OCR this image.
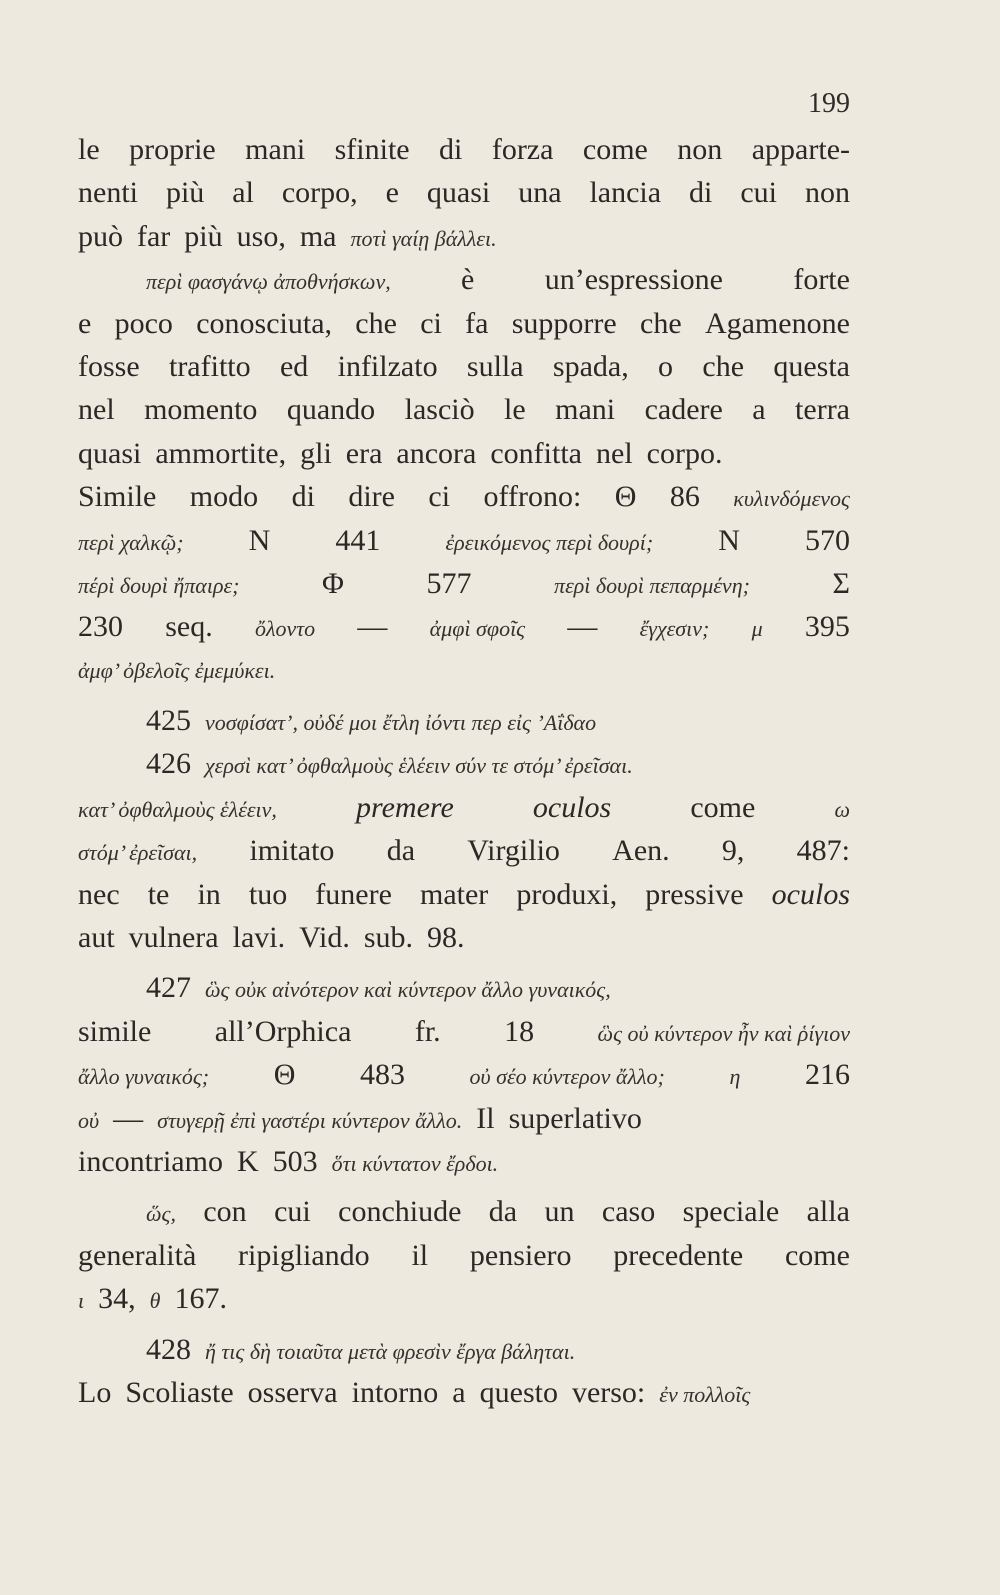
199
le proprie mani sfinite di forza come non apparte-
nenti più al corpo, e quasi una lancia di cui non
può far più uso, ma ποτὶ γαίῃ βάλλει.
περὶ φασγάνῳ ἀποθνήσκων, è un’espressione forte
e poco conosciuta, che ci fa supporre che Agamenone
fosse trafitto ed infilzato sulla spada, o che questa
nel momento quando lasciò le mani cadere a terra
quasi ammortite, gli era ancora confitta nel corpo.
Simile modo di dire ci offrono: Θ 86 κυλινδόμενος
περὶ χαλκῷ; N 441	ἐρεικόμενος περὶ δουρί; N 570
πέρὶ δουρὶ ἤπαιρε;	Φ	577	περὶ δουρὶ πεπαρμένη;	Σ
230 seq. ὄλοντο — ἀμφὶ σφοῖς — ἔγχεσιν; μ 395
ἀμφ’ ὀβελοῖς ἐμεμύκει.
425 νοσφίσατ’, οὐδέ μοι ἔτλη ἰόντι περ εἰς ’Αΐδαο
426 χερσὶ κατ’ ὀφθαλμοὺς ἑλέειν σύν τε στόμ’ ἐρεῖσαι.
κατ’ ὀφθαλμοὺς ἑλέειν,	premere	oculos	come	ω
στόμ’ ἐρεῖσαι, imitato da Virgilio Aen. 9, 487:
nec te in tuo funere mater produxi, pressive oculos
aut vulnera lavi. Vid. sub. 98.
427 ὣς οὐκ αἰνότερον καὶ κύντερον ἄλλο γυναικός,
simile all’Orphica fr. 18	ὣς οὐ κύντερον ἦν καὶ ῥίγιον
ἄλλο γυναικός; Θ 483	οὐ σέο κύντερον ἄλλο;	η 216
οὐ — στυγερῇ ἐπὶ γαστέρι κύντερον ἄλλο. Il superlativo
incontriamo K 503 ὅτι κύντατον ἔρδοι.
ὥς, con cui conchiude da un caso speciale alla
generalità ripigliando il pensiero precedente come
ι 34, θ 167.
428 ἤ τις δὴ τοιαῦτα μετὰ φρεσὶν ἔργα βάληται.
Lo Scoliaste osserva intorno a questo verso: ἐν πολλοῖς
